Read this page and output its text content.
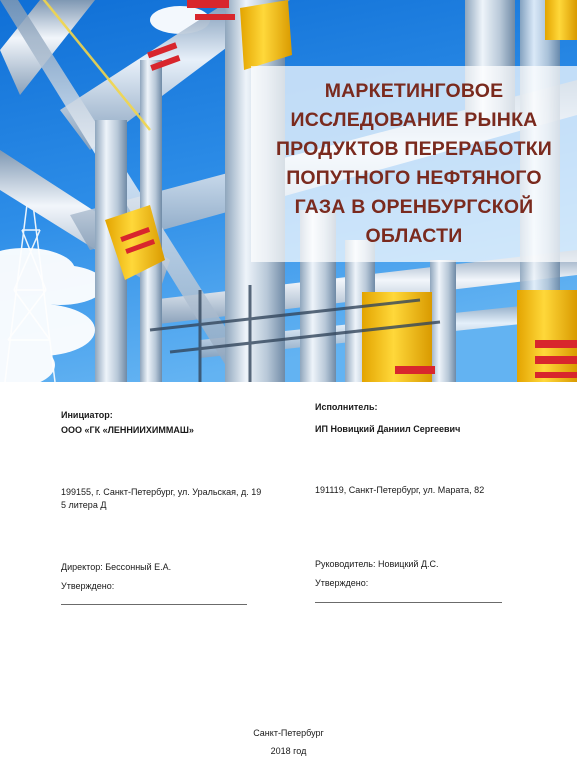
МАРКЕТИНГОВОЕ
ИССЛЕДОВАНИЕ РЫНКА
ПРОДУКТОВ ПЕРЕРАБОТКИ
ПОПУТНОГО НЕФТЯНОГО
ГАЗА В ОРЕНБУРГСКОЙ
ОБЛАСТИ
Инициатор:
ООО «ГК «ЛЕННИИХИММАШ»
199155, г. Санкт-Петербург, ул. Уральская, д. 19
5 литера Д
Директор: Бессонный Е.А.
Утверждено:
Исполнитель:
ИП Новицкий Даниил Сергеевич
191119, Санкт-Петербург, ул. Марата, 82
Руководитель: Новицкий Д.С.
Утверждено:
Санкт-Петербург
2018 год
